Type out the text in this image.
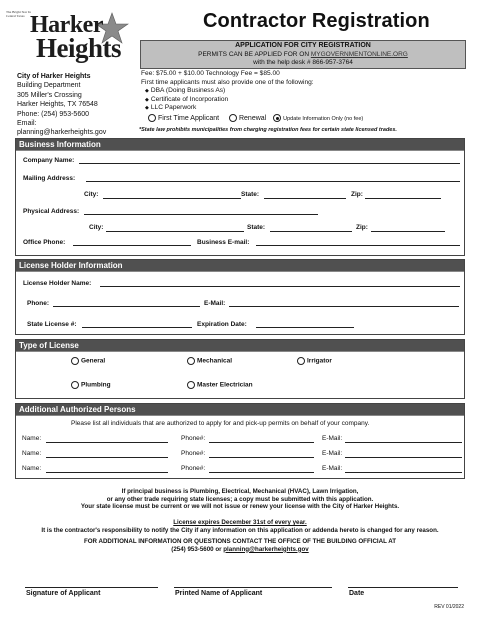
Harker
Heights
The Bright Star In Central Texas
City of Harker Heights
Building Department
305 Miller's Crossing
Harker Heights, TX 76548
Phone: (254) 953-5600
Email:
planning@harkerheights.gov
Contractor Registration
APPLICATION FOR CITY REGISTRATION
PERMITS CAN BE APPLIED FOR ON MYGOVERNMENTONLINE.ORG
with the help desk # 866-957-3764
Fee: $75.00 + $10.00 Technology Fee = $85.00
First time applicants must also provide one of the following:
◆ DBA (Doing Business As)
◆ Certificate of Incorporation
◆ LLC Paperwork
First Time Applicant	Renewal	Update Information Only (no fee)
*State law prohibits municipalities from charging registration fees for certain state licensed trades.
Business Information
Company Name:
Mailing Address:
City:	State:	Zip:
Physical Address:
City:	State:	Zip:
Office Phone:	Business E-mail:
License Holder Information
License Holder Name:
Phone:	E-Mail:
State License #:	Expiration Date:
Type of License
General	Mechanical	Irrigator
Plumbing	Master Electrician
Additional Authorized Persons
Please list all individuals that are authorized to apply for and pick-up permits on behalf of your company.
Name:	Phone#:	E-Mail:
Name:	Phone#:	E-Mail:
Name:	Phone#:	E-Mail:
If principal business is Plumbing, Electrical, Mechanical (HVAC), Lawn Irrigation,
or any other trade requiring state licenses; a copy must be submitted with this application.
Your state license must be current or we will not issue or renew your license with the City of Harker Heights.
License expires December 31st of every year.
It is the contractor's responsibility to notify the City if any information on this application or addenda hereto is changed for any reason.
FOR ADDITIONAL INFORMATION OR QUESTIONS CONTACT THE OFFICE OF THE BUILDING OFFICIAL AT
(254) 953-5600 or planning@harkerheights.gov
Signature of Applicant	Printed Name of Applicant	Date
REV 01/2022
